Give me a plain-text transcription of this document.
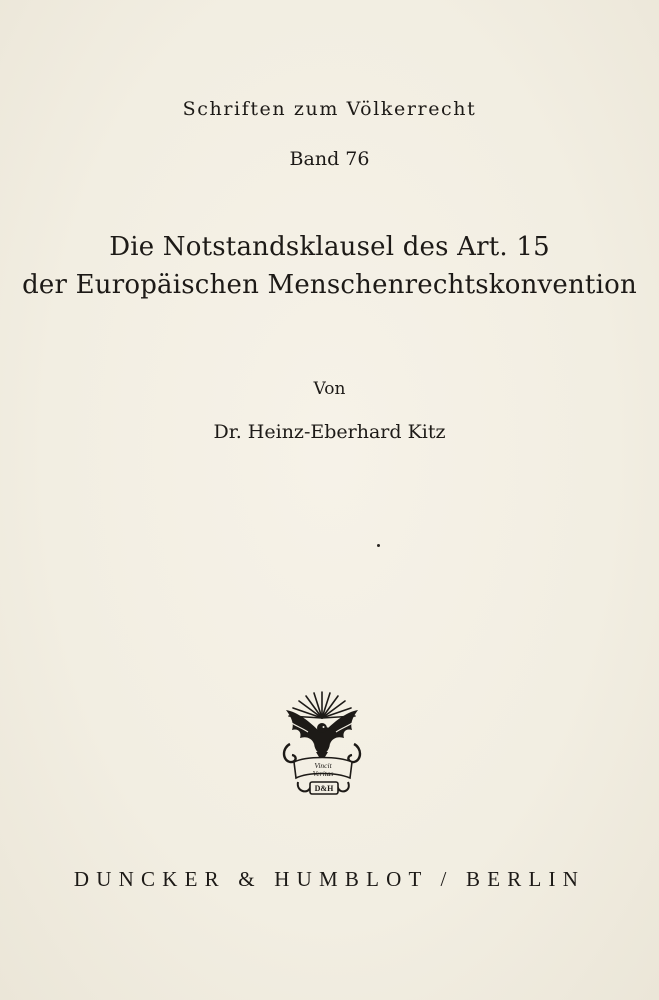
Schriften zum Völkerrecht
Band 76
Die Notstandsklausel des Art. 15
der Europäischen Menschenrechtskonvention
Von
Dr. Heinz-Eberhard Kitz
Vincit
Veritas
D&H
DUNCKER & HUMBLOT / BERLIN
